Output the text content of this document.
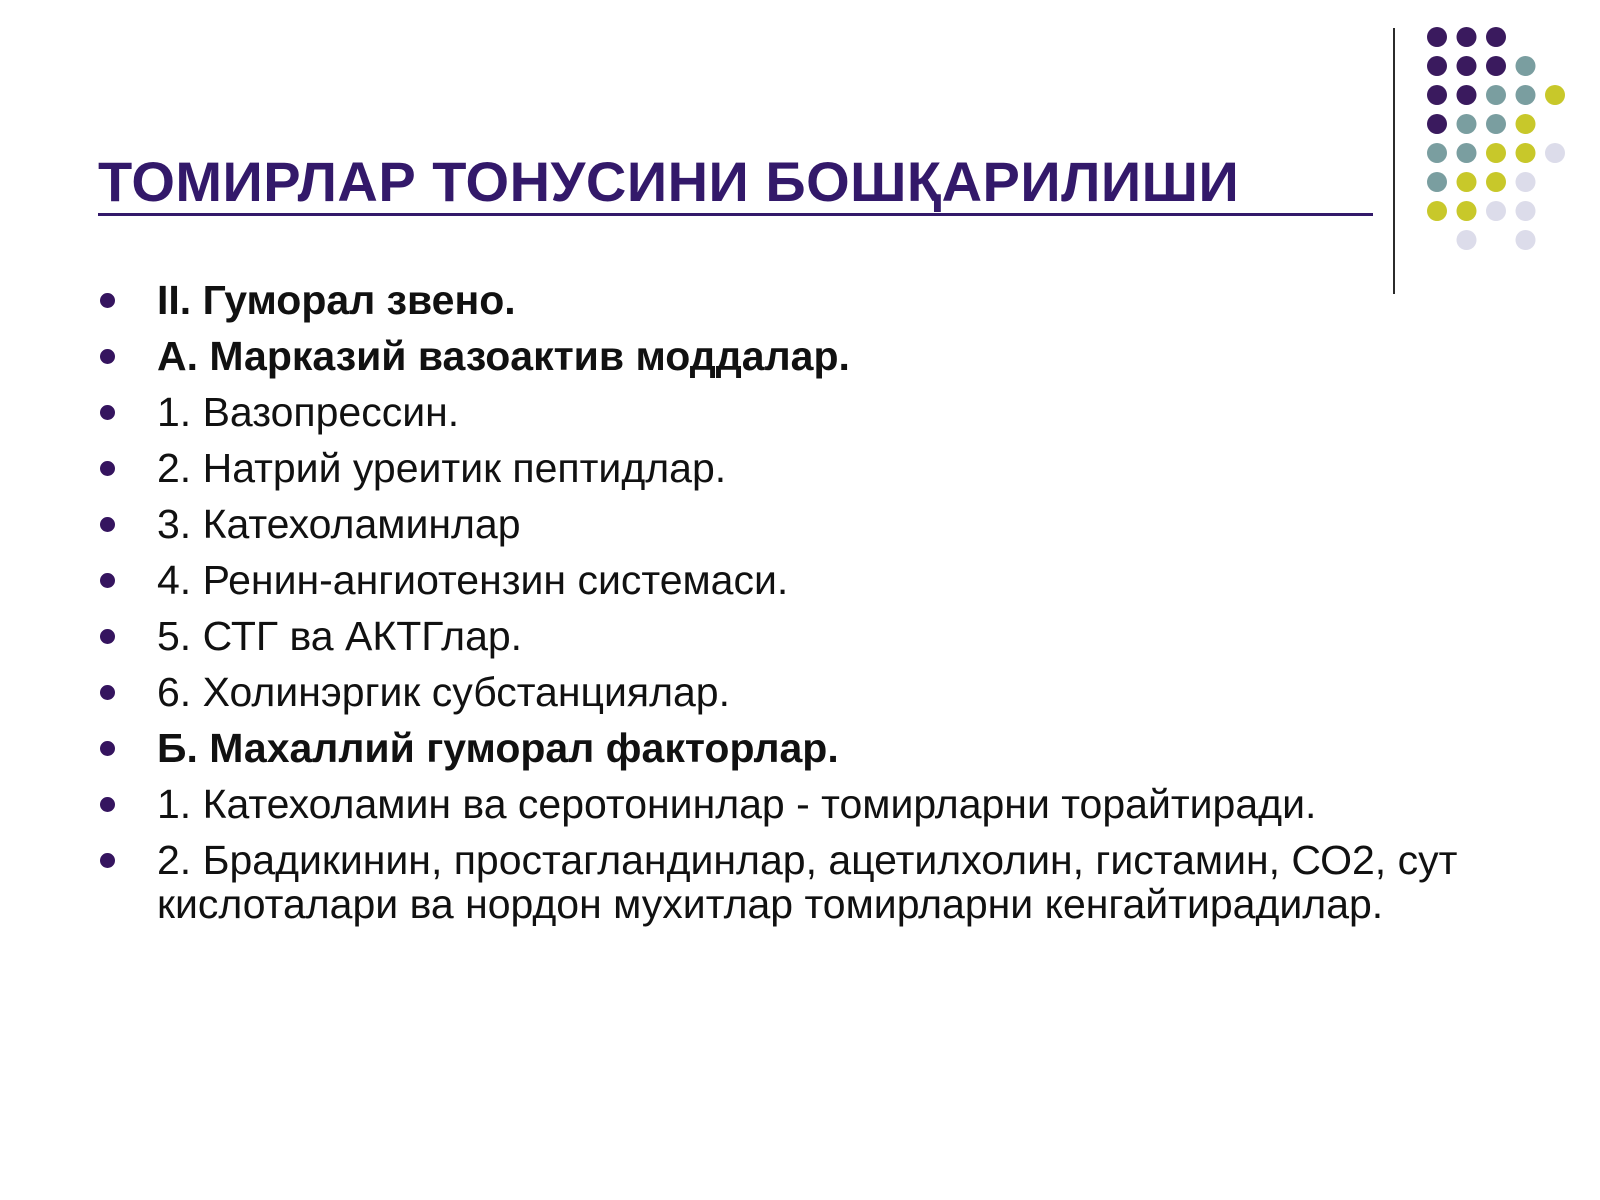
ТОМИРЛАР ТОНУСИНИ БОШҚАРИЛИШИ
II. Гуморал звено.
А. Марказий вазоактив моддалар.
1. Вазопрессин.
2. Натрий уреитик пептидлар.
3. Катехоламинлар
4. Ренин-ангиотензин системаси.
5. СТГ ва АКТГлар.
6. Холинэргик субстанциялар.
Б. Махаллий гуморал факторлар.
1. Катехоламин ва серотонинлар - томирларни торайтиради.
2. Брадикинин, простагландинлар, ацетилхолин, гистамин, СО2, сут кислоталари ва нордон мухитлар томирларни кенгайтирадилар.
